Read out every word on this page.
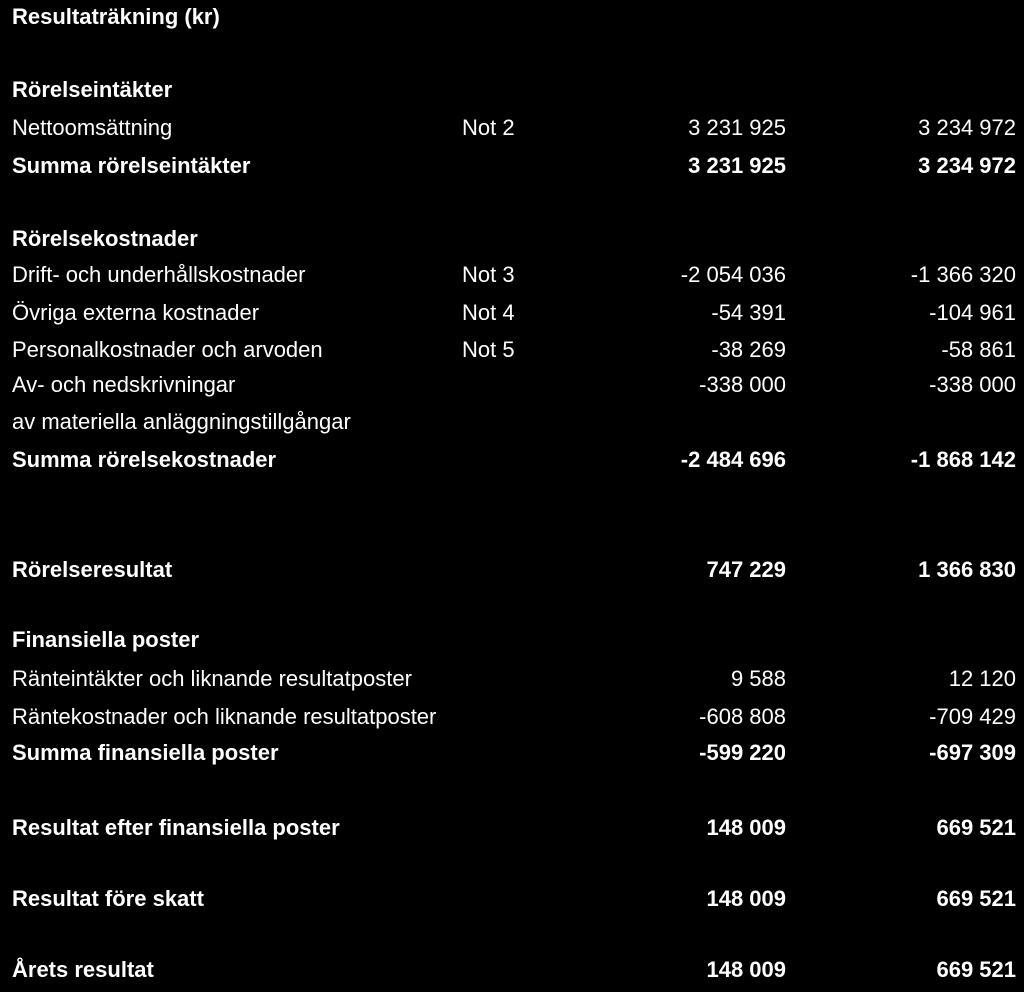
Resultaträkning (kr)
Rörelseintäkter
Nettoomsättning	Not 2	3 231 925	3 234 972
Summa rörelseintäkter	3 231 925	3 234 972
Rörelsekostnader
Drift- och underhållskostnader	Not 3	-2 054 036	-1 366 320
Övriga externa kostnader	Not 4	-54 391	-104 961
Personalkostnader och arvoden	Not 5	-38 269	-58 861
Av- och nedskrivningar	-338 000	-338 000
av materiella anläggningstillgångar
Summa rörelsekostnader	-2 484 696	-1 868 142
Rörelseresultat	747 229	1 366 830
Finansiella poster
Ränteintäkter och liknande resultatposter	9 588	12 120
Räntekostnader och liknande resultatposter	-608 808	-709 429
Summa finansiella poster	-599 220	-697 309
Resultat efter finansiella poster	148 009	669 521
Resultat före skatt	148 009	669 521
Årets resultat	148 009	669 521
